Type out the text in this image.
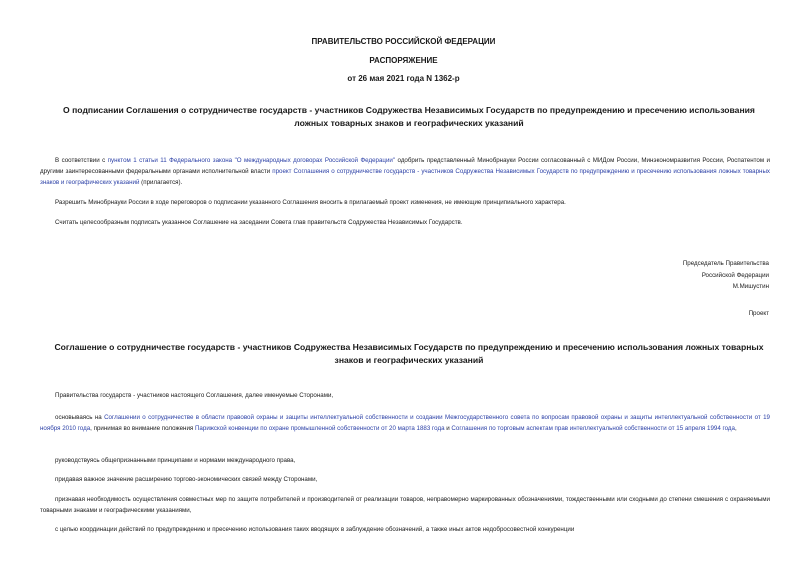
ПРАВИТЕЛЬСТВО РОССИЙСКОЙ ФЕДЕРАЦИИ
РАСПОРЯЖЕНИЕ
от 26 мая 2021 года N 1362-р
О подписании Соглашения о сотрудничестве государств - участников Содружества Независимых Государств по предупреждению и пресечению использования ложных товарных знаков и географических указаний
В соответствии с пунктом 1 статьи 11 Федерального закона "О международных договорах Российской Федерации" одобрить представленный Минобрнауки России согласованный с МИДом России, Минэкономразвития России, Роспатентом и другими заинтересованными федеральными органами исполнительной власти проект Соглашения о сотрудничестве государств - участников Содружества Независимых Государств по предупреждению и пресечению использования ложных товарных знаков и географических указаний (прилагается).
Разрешить Минобрнауки России в ходе переговоров о подписании указанного Соглашения вносить в прилагаемый проект изменения, не имеющие принципиального характера.
Считать целесообразным подписать указанное Соглашение на заседании Совета глав правительств Содружества Независимых Государств.
Председатель Правительства
Российской Федерации
М.Мишустин
Проект
Соглашение о сотрудничестве государств - участников Содружества Независимых Государств по предупреждению и пресечению использования ложных товарных знаков и географических указаний
Правительства государств - участников настоящего Соглашения, далее именуемые Сторонами,
основываясь на Соглашении о сотрудничестве в области правовой охраны и защиты интеллектуальной собственности и создании Межгосударственного совета по вопросам правовой охраны и защиты интеллектуальной собственности от 19 ноября 2010 года, принимая во внимание положения Парижской конвенции по охране промышленной собственности от 20 марта 1883 года и Соглашения по торговым аспектам прав интеллектуальной собственности от 15 апреля 1994 года,
руководствуясь общепризнанными принципами и нормами международного права,
придавая важное значение расширению торгово-экономических связей между Сторонами,
признавая необходимость осуществления совместных мер по защите потребителей и производителей от реализации товаров, неправомерно маркированных обозначениями, тождественными или сходными до степени смешения с охраняемыми товарными знаками и географическими указаниями,
с целью координации действий по предупреждению и пресечению использования таких вводящих в заблуждение обозначений, а также иных актов недобросовестной конкуренции
